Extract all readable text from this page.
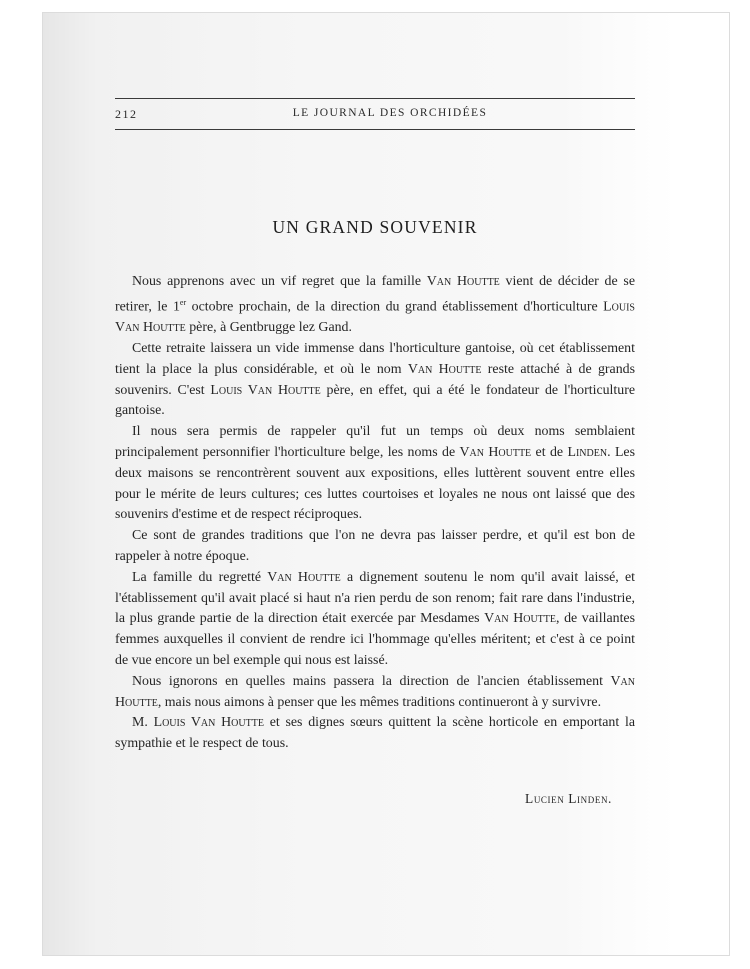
212	LE JOURNAL DES ORCHIDÉES
UN GRAND SOUVENIR

Nous apprenons avec un vif regret que la famille Van Houtte vient de décider de se retirer, le 1er octobre prochain, de la direction du grand établissement d'horticulture Louis Van Houtte père, à Gentbrugge lez Gand.

Cette retraite laissera un vide immense dans l'horticulture gantoise, où cet établissement tient la place la plus considérable, et où le nom Van Houtte reste attaché à de grands souvenirs. C'est Louis Van Houtte père, en effet, qui a été le fondateur de l'horticulture gantoise.

Il nous sera permis de rappeler qu'il fut un temps où deux noms semblaient principalement personnifier l'horticulture belge, les noms de Van Houtte et de Linden. Les deux maisons se rencontrèrent souvent aux expositions, elles luttèrent souvent entre elles pour le mérite de leurs cultures; ces luttes courtoises et loyales ne nous ont laissé que des souvenirs d'estime et de respect réciproques.

Ce sont de grandes traditions que l'on ne devra pas laisser perdre, et qu'il est bon de rappeler à notre époque.

La famille du regretté Van Houtte a dignement soutenu le nom qu'il avait laissé, et l'établissement qu'il avait placé si haut n'a rien perdu de son renom; fait rare dans l'industrie, la plus grande partie de la direction était exercée par Mesdames Van Houtte, de vaillantes femmes auxquelles il convient de rendre ici l'hommage qu'elles méritent; et c'est à ce point de vue encore un bel exemple qui nous est laissé.

Nous ignorons en quelles mains passera la direction de l'ancien établissement Van Houtte, mais nous aimons à penser que les mêmes traditions continueront à y survivre.

M. Louis Van Houtte et ses dignes sœurs quittent la scène horticole en emportant la sympathie et le respect de tous.

Lucien Linden.
